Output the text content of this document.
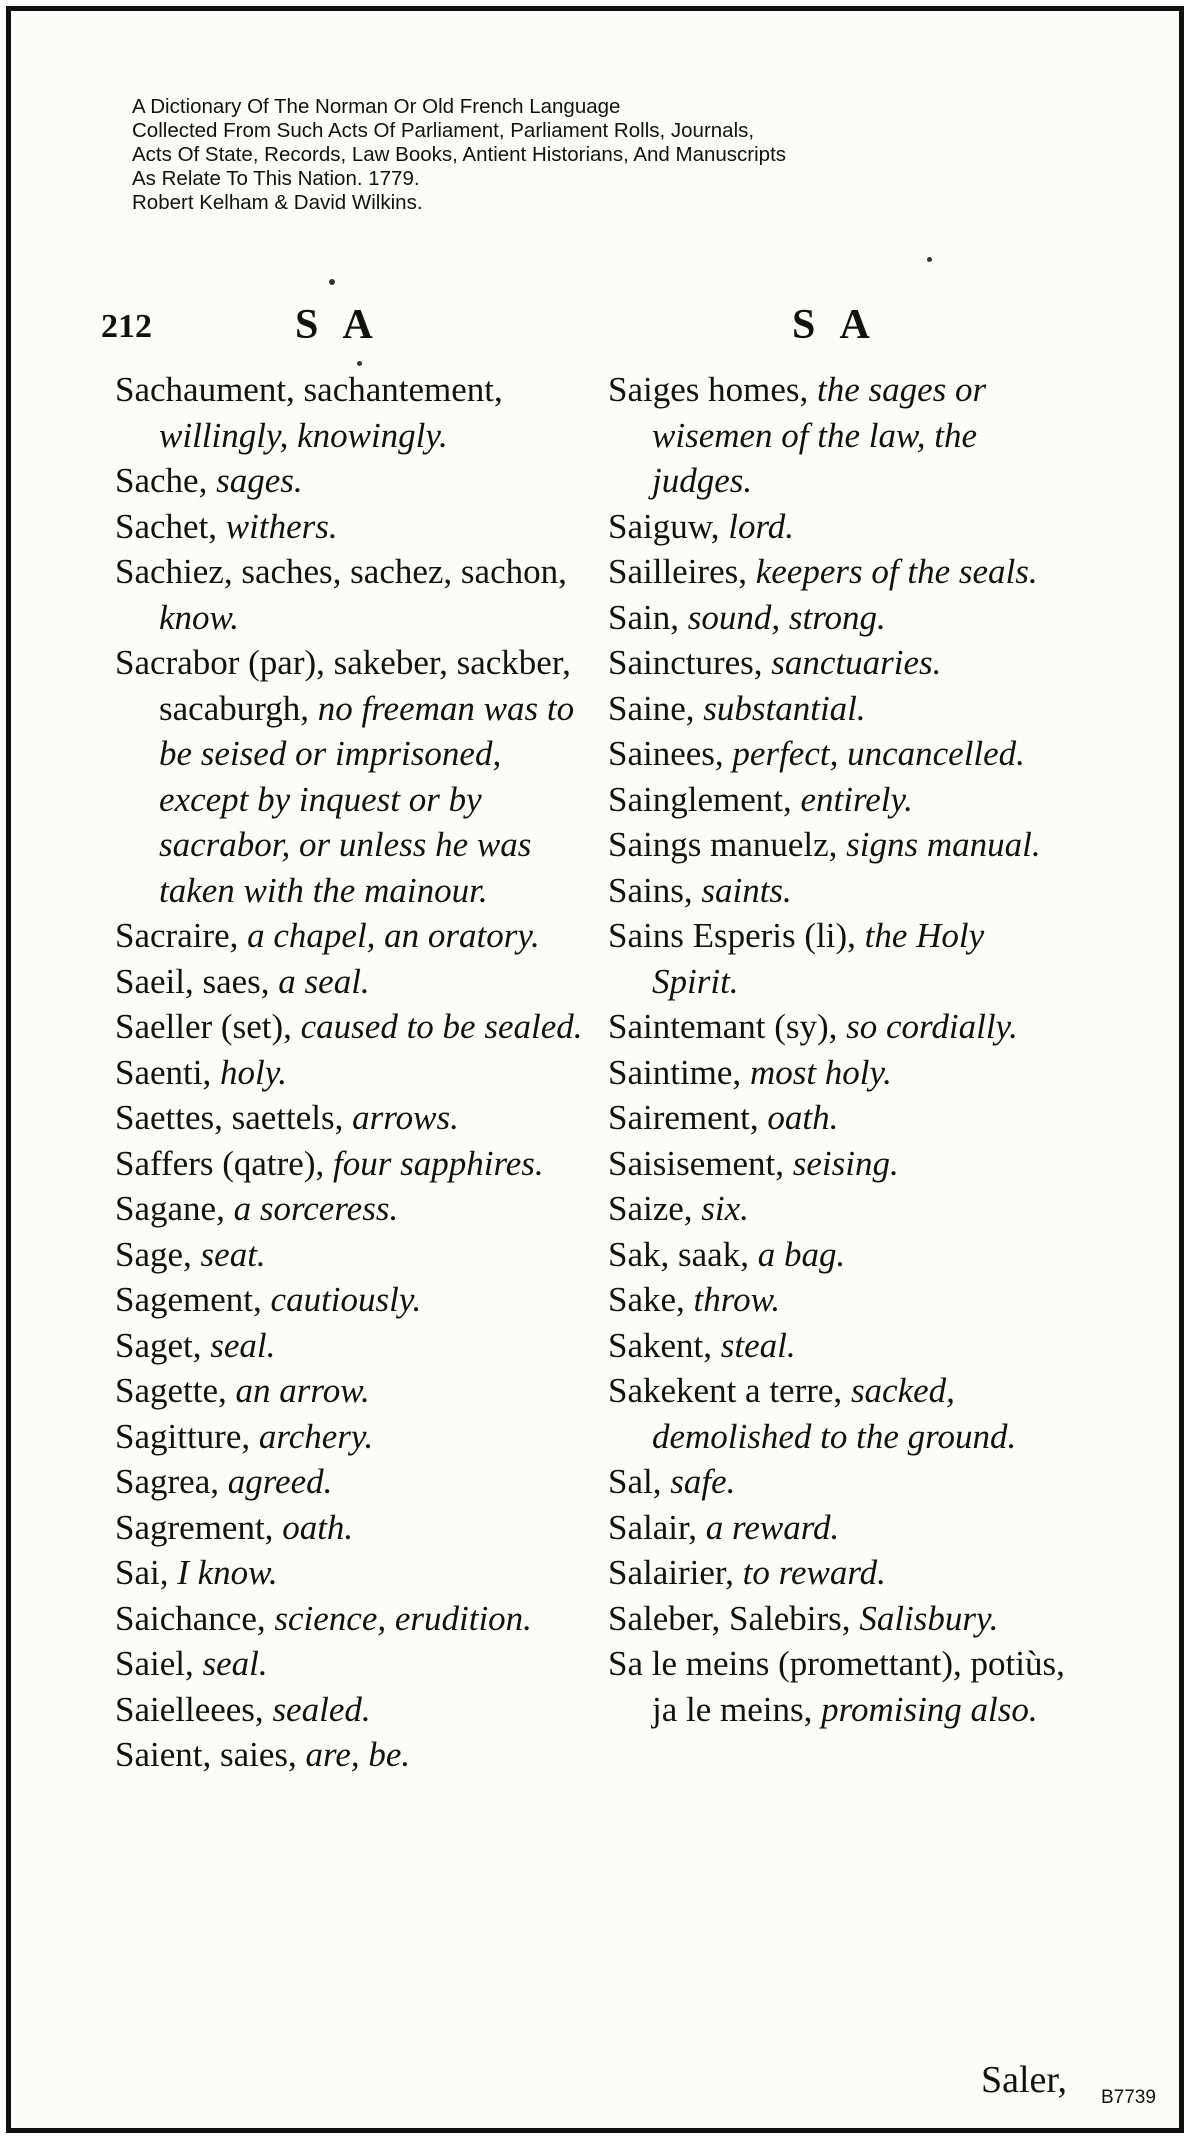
A Dictionary Of The Norman Or Old French Language
Collected From Such Acts Of Parliament, Parliament Rolls, Journals,
Acts Of State, Records, Law Books, Antient Historians, And Manuscripts
As Relate To This Nation. 1779.
Robert Kelham & David Wilkins.
212	S A	S A
Sachaument, sachantement, willingly, knowingly.
Sache, sages.
Sachet, withers.
Sachiez, saches, sachez, sachon, know.
Sacrabor (par), sakeber, sackber, sacaburgh, no freeman was to be seised or imprisoned, except by inquest or by sacrabor, or unless he was taken with the mainour.
Sacraire, a chapel, an oratory.
Saeil, saes, a seal.
Saeller (set), caused to be sealed.
Saenti, holy.
Saettes, saettels, arrows.
Saffers (qatre), four sapphires.
Sagane, a sorceress.
Sage, seat.
Sagement, cautiously.
Saget, seal.
Sagette, an arrow.
Sagitture, archery.
Sagrea, agreed.
Sagrement, oath.
Sai, I know.
Saichance, science, erudition.
Saiel, seal.
Saielleees, sealed.
Saient, saies, are, be.
Saiges homes, the sages or wisemen of the law, the judges.
Saiguw, lord.
Sailleires, keepers of the seals.
Sain, sound, strong.
Sainctures, sanctuaries.
Saine, substantial.
Sainees, perfect, uncancelled.
Sainglement, entirely.
Saings manuelz, signs manual.
Sains, saints.
Sains Esperis (li), the Holy Spirit.
Saintemant (sy), so cordially.
Saintime, most holy.
Sairement, oath.
Saisisement, seising.
Saize, six.
Sak, saak, a bag.
Sake, throw.
Sakent, steal.
Sakekent a terre, sacked, demolished to the ground.
Sal, safe.
Salair, a reward.
Salairier, to reward.
Saleber, Salebirs, Salisbury.
Sa le meins (promettant), potiùs, ja le meins, promising also.
Saler, B7739
